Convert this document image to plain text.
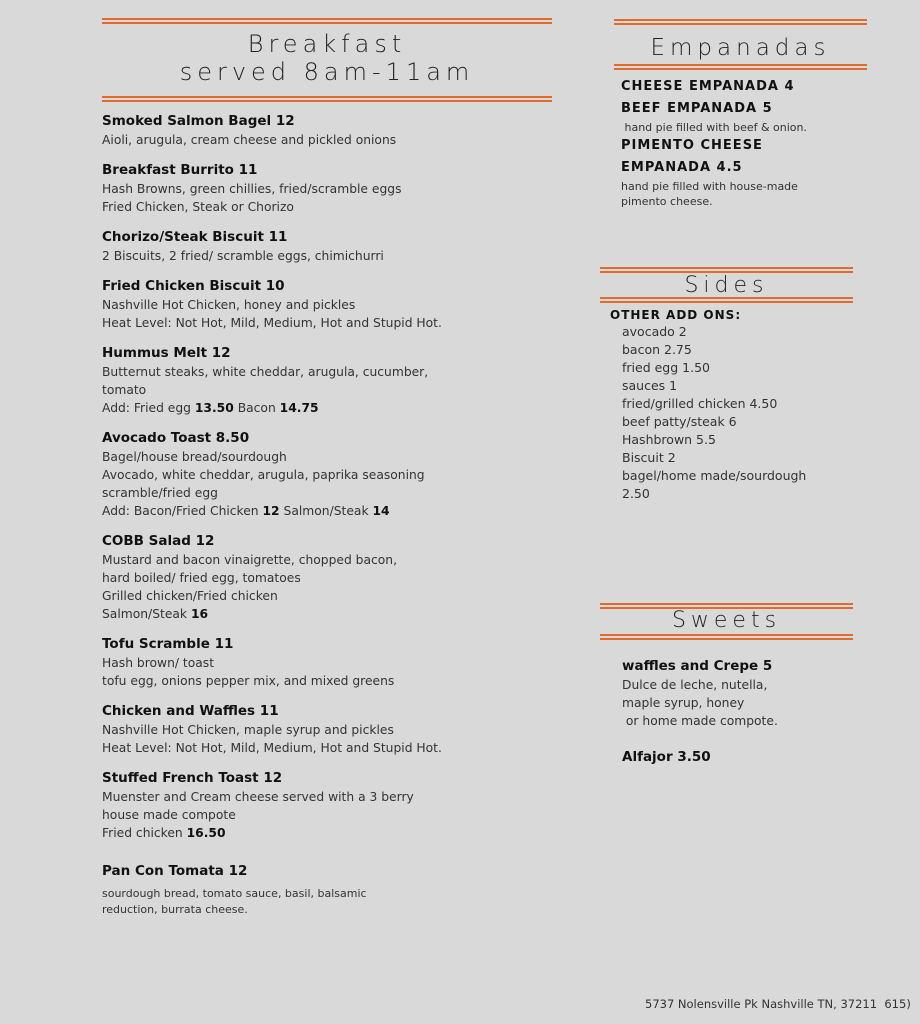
Breakfast
served 8am-11am
Smoked Salmon Bagel 12
Aioli, arugula, cream cheese and pickled onions
Breakfast Burrito 11
Hash Browns, green chillies, fried/scramble eggs
Fried Chicken, Steak or Chorizo
Chorizo/Steak Biscuit 11
2 Biscuits, 2 fried/ scramble eggs, chimichurri
Fried Chicken Biscuit 10
Nashville Hot Chicken, honey and pickles
Heat Level: Not Hot, Mild, Medium, Hot and Stupid Hot.
Hummus Melt 12
Butternut steaks, white cheddar, arugula, cucumber,
tomato
Add: Fried egg 13.50 Bacon 14.75
Avocado Toast 8.50
Bagel/house bread/sourdough
Avocado, white cheddar, arugula, paprika seasoning
scramble/fried egg
Add: Bacon/Fried Chicken 12 Salmon/Steak 14
COBB Salad 12
Mustard and bacon vinaigrette, chopped bacon,
hard boiled/ fried egg, tomatoes
Grilled chicken/Fried chicken
Salmon/Steak 16
Tofu Scramble 11
Hash brown/ toast
tofu egg, onions pepper mix, and mixed greens
Chicken and Waffles 11
Nashville Hot Chicken, maple syrup and pickles
Heat Level: Not Hot, Mild, Medium, Hot and Stupid Hot.
Stuffed French Toast 12
Muenster and Cream cheese served with a 3 berry
house made compote
Fried chicken 16.50
Pan Con Tomata 12
sourdough bread, tomato sauce, basil, balsamic
reduction, burrata cheese.
Empanadas
CHEESE EMPANADA 4
BEEF EMPANADA 5
hand pie filled with beef & onion.
PIMENTO CHEESE
EMPANADA 4.5
hand pie filled with house-made
pimento cheese.
Sides
OTHER ADD ONS:
avocado 2
bacon 2.75
fried egg 1.50
sauces 1
fried/grilled chicken 4.50
beef patty/steak 6
Hashbrown 5.5
Biscuit 2
bagel/home made/sourdough
2.50
Sweets
waffles and Crepe 5
Dulce de leche, nutella,
maple syrup, honey
or home made compote.
Alfajor 3.50
5737 Nolensville Pk Nashville TN, 37211  615)
